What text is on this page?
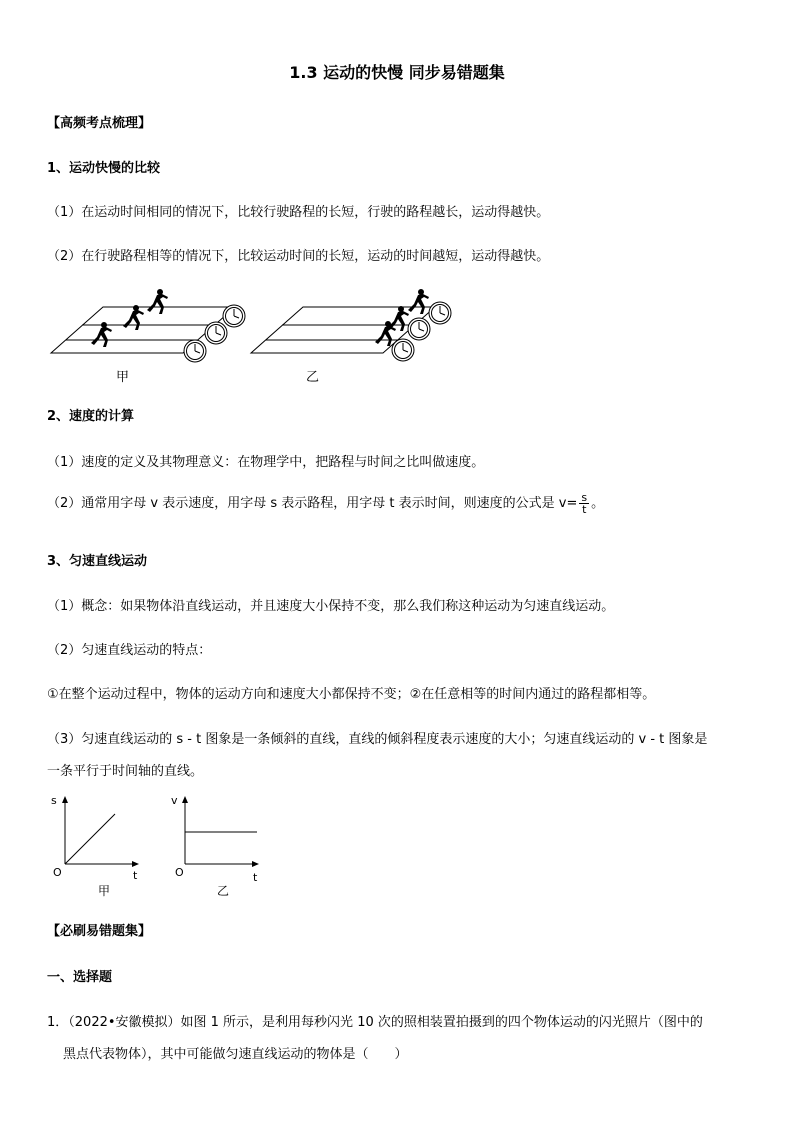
1.3 运动的快慢 同步易错题集
【高频考点梳理】
1、运动快慢的比较
（1）在运动时间相同的情况下，比较行驶路程的长短，行驶的路程越长，运动得越快。
（2）在行驶路程相等的情况下，比较运动时间的长短，运动的时间越短，运动得越快。
甲	乙
2、速度的计算
（1）速度的定义及其物理意义：在物理学中，把路程与时间之比叫做速度。
（2）通常用字母 v 表示速度，用字母 s 表示路程，用字母 t 表示时间，则速度的公式是 $v= \frac{s}{t}$ 。
3、匀速直线运动
（1）概念：如果物体沿直线运动，并且速度大小保持不变，那么我们称这种运动为匀速直线运动。
（2）匀速直线运动的特点：
①在整个运动过程中，物体的运动方向和速度大小都保持不变；②在任意相等的时间内通过的路程都相等。
（3）匀速直线运动的 s - t 图象是一条倾斜的直线，直线的倾斜程度表示速度的大小；匀速直线运动的 v - t 图象是
一条平行于时间轴的直线。
s
O	t
甲
v
O	t
乙
【必刷易错题集】
一、选择题
1．（2022•安徽模拟）如图 1 所示，是利用每秒闪光 10 次的照相装置拍摄到的四个物体运动的闪光照片（图中的
黑点代表物体），其中可能做匀速直线运动的物体是（　　）
